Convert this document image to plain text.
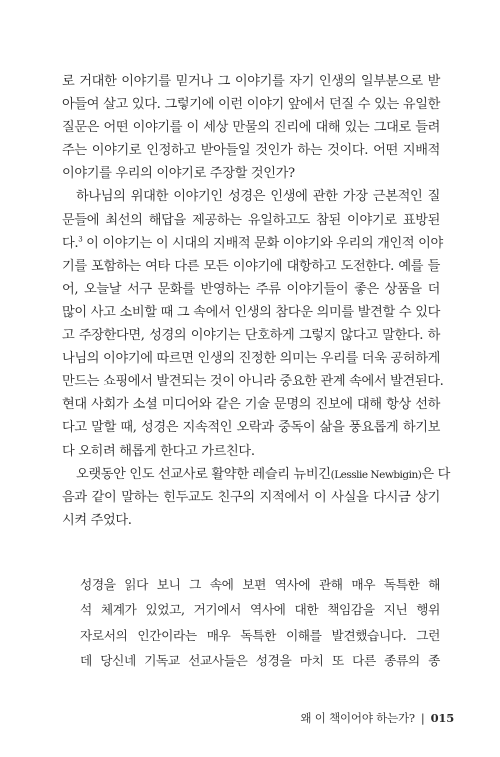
로 거대한 이야기를 믿거나 그 이야기를 자기 인생의 일부분으로 받
아들여 살고 있다. 그렇기에 이런 이야기 앞에서 던질 수 있는 유일한
질문은 어떤 이야기를 이 세상 만물의 진리에 대해 있는 그대로 들려
주는 이야기로 인정하고 받아들일 것인가 하는 것이다. 어떤 지배적
이야기를 우리의 이야기로 주장할 것인가?
하나님의 위대한 이야기인 성경은 인생에 관한 가장 근본적인 질
문들에 최선의 해답을 제공하는 유일하고도 참된 이야기로 표방된
다.$^3$ 이 이야기는 이 시대의 지배적 문화 이야기와 우리의 개인적 이야
기를 포함하는 여타 다른 모든 이야기에 대항하고 도전한다. 예를 들
어, 오늘날 서구 문화를 반영하는 주류 이야기들이 좋은 상품을 더
많이 사고 소비할 때 그 속에서 인생의 참다운 의미를 발견할 수 있다
고 주장한다면, 성경의 이야기는 단호하게 그렇지 않다고 말한다. 하
나님의 이야기에 따르면 인생의 진정한 의미는 우리를 더욱 공허하게
만드는 쇼핑에서 발견되는 것이 아니라 중요한 관계 속에서 발견된다.
현대 사회가 소셜 미디어와 같은 기술 문명의 진보에 대해 항상 선하
다고 말할 때, 성경은 지속적인 오락과 중독이 삶을 풍요롭게 하기보
다 오히려 해롭게 한다고 가르친다.
오랫동안 인도 선교사로 활약한 레슬리 뉴비긴(Lesslie Newbigin)은 다
음과 같이 말하는 힌두교도 친구의 지적에서 이 사실을 다시금 상기
시켜 주었다.
성경을 읽다 보니 그 속에 보편 역사에 관해 매우 독특한 해
석 체계가 있었고, 거기에서 역사에 대한 책임감을 지닌 행위
자로서의 인간이라는 매우 독특한 이해를 발견했습니다. 그런
데 당신네 기독교 선교사들은 성경을 마치 또 다른 종류의 종
왜 이 책이어야 하는가? | 015
